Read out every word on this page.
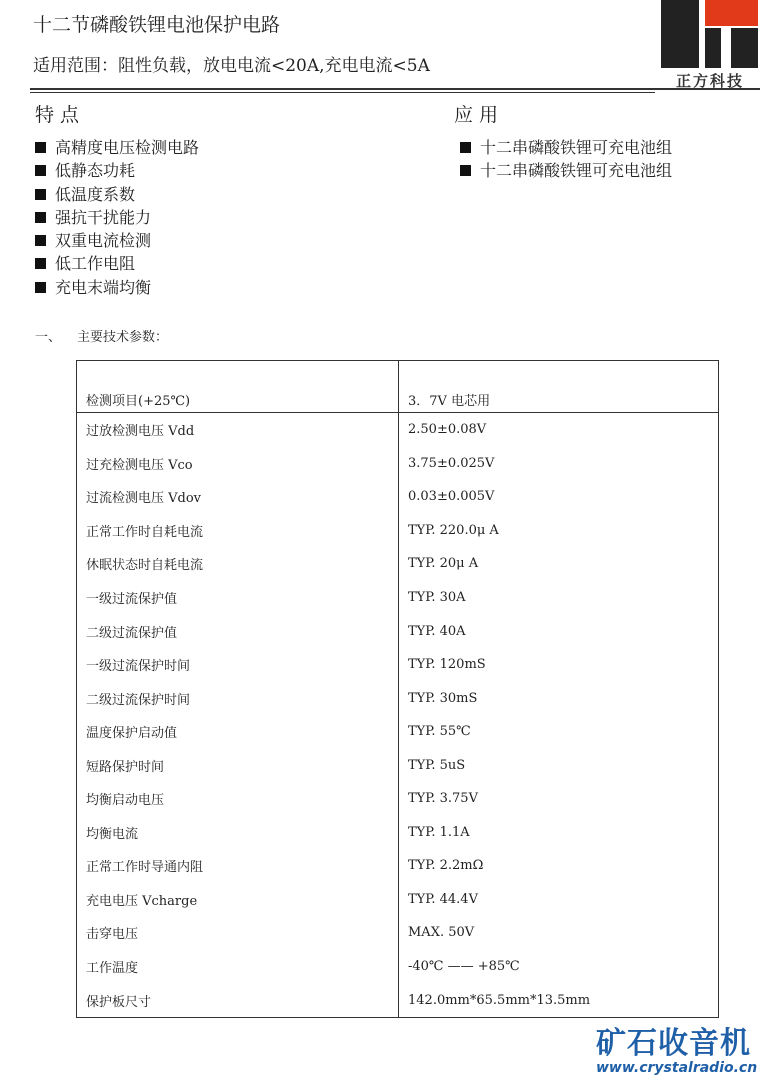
十二节磷酸铁锂电池保护电路
适用范围：阻性负载，放电电流<20A,充电电流<5A
正方科技
特点	应用
高精度电压检测电路
低静态功耗
低温度系数
强抗干扰能力
双重电流检测
低工作电阻
充电末端均衡
十二串磷酸铁锂可充电池组
十二串磷酸铁锂可充电池组
一、 主要技术参数：

检测项目(+25℃)	3．7V 电芯用
过放检测电压 Vdd	2.50±0.08V
过充检测电压 Vco	3.75±0.025V
过流检测电压 Vdov	0.03±0.005V
正常工作时自耗电流	TYP. 220.0μ A
休眠状态时自耗电流	TYP. 20μ A
一级过流保护值	TYP. 30A
二级过流保护值	TYP. 40A
一级过流保护时间	TYP. 120mS
二级过流保护时间	TYP. 30mS
温度保护启动值	TYP. 55℃
短路保护时间	TYP. 5uS
均衡启动电压	TYP. 3.75V
均衡电流	TYP. 1.1A
正常工作时导通内阻	TYP. 2.2mΩ
充电电压 Vcharge	TYP. 44.4V
击穿电压	MAX. 50V
工作温度	-40℃ —— +85℃
保护板尺寸	142.0mm*65.5mm*13.5mm
矿石收音机
www.crystalradio.cn
